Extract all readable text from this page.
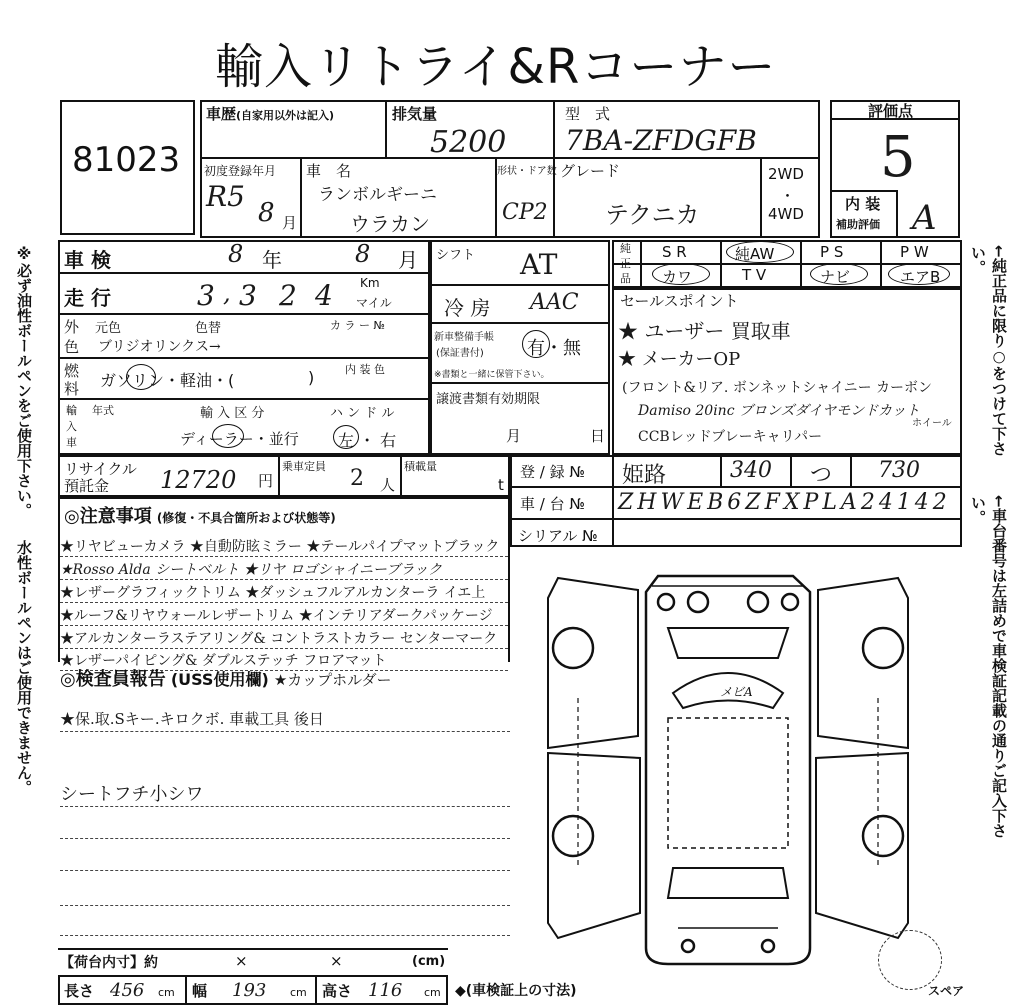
輸入リトライ&Rコーナー
※必ず油性ボールペンをご使用下さい。
水性ボールペンはご使用できません。
←純正品に限り○をつけて下さい。
←車台番号は左詰めで車検証記載の通りご記入下さい。
81023
車歴(自家用以外は記入)	排気量
5200
型　式
7BA-ZFDGFB
初度登録年月
R5 8 月
車　名
ランボルギーニ
ウラカン
形状・ドア数
CP2
グレード
テクニカ
2WD
・
4WD
評価点
5
内 装
補助評価 A
車 検	8 年	8 月
走 行	3 , 3 2 4 Km
マイル
外
色
元色	色替	カ ラ ー №
ブリジオリンクス→
燃
料 ガソリン・軽油・(	)	内 装 色
輸
入
車
年式	輸 入 区 分
ディーラー・並行
ハ ン ド ル
左 ・ 右
シフト AT
冷 房 AAC
新車整備手帳
(保証書付) 有・無
※書類と一緒に保管下さい。
譲渡書類有効期限
月	日
純
正
品
S R	純AW	P S	P W
カワ	T V	ナビ	エアB
セールスポイント
★ ユーザー 買取車
★ メーカーOP
(フロント&リア. ボンネットシャイニー カーボン
Damiso 20inc ブロンズダイヤモンドカット
ホイール
CCBレッドブレーキャリパー
リサイクル
預託金 12720 円
乗車定員 2 人
積載量
t
登 / 録 № 姫路	340 つ 730
車 / 台 № ZHWEB6ZFXPLA24142
シリアル №
◎注意事項 (修復・不具合箇所および状態等)
★リヤビューカメラ ★自動防眩ミラー ★テールパイプマットブラック
★Rosso Alda シートベルト ★リヤ ロゴシャイニーブラック
★レザーグラフィックトリム ★ダッシュフルアルカンターラ イエ上
★ルーフ&リヤウォールレザートリム ★インテリアダークパッケージ
★アルカンターラステアリング& コントラストカラー センターマーク
★レザーパイピング& ダブルステッチ フロアマット
◎検査員報告 (USS使用欄) ★カップホルダー
★保.取.Sキー.キロクボ. 車載工具 後日
シートフチ小シワ
【荷台内寸】約	×	×	(cm)
長さ 456 cm 幅 193 cm 高さ 116 cm ◆(車検証上の寸法)
メビA
スペア
